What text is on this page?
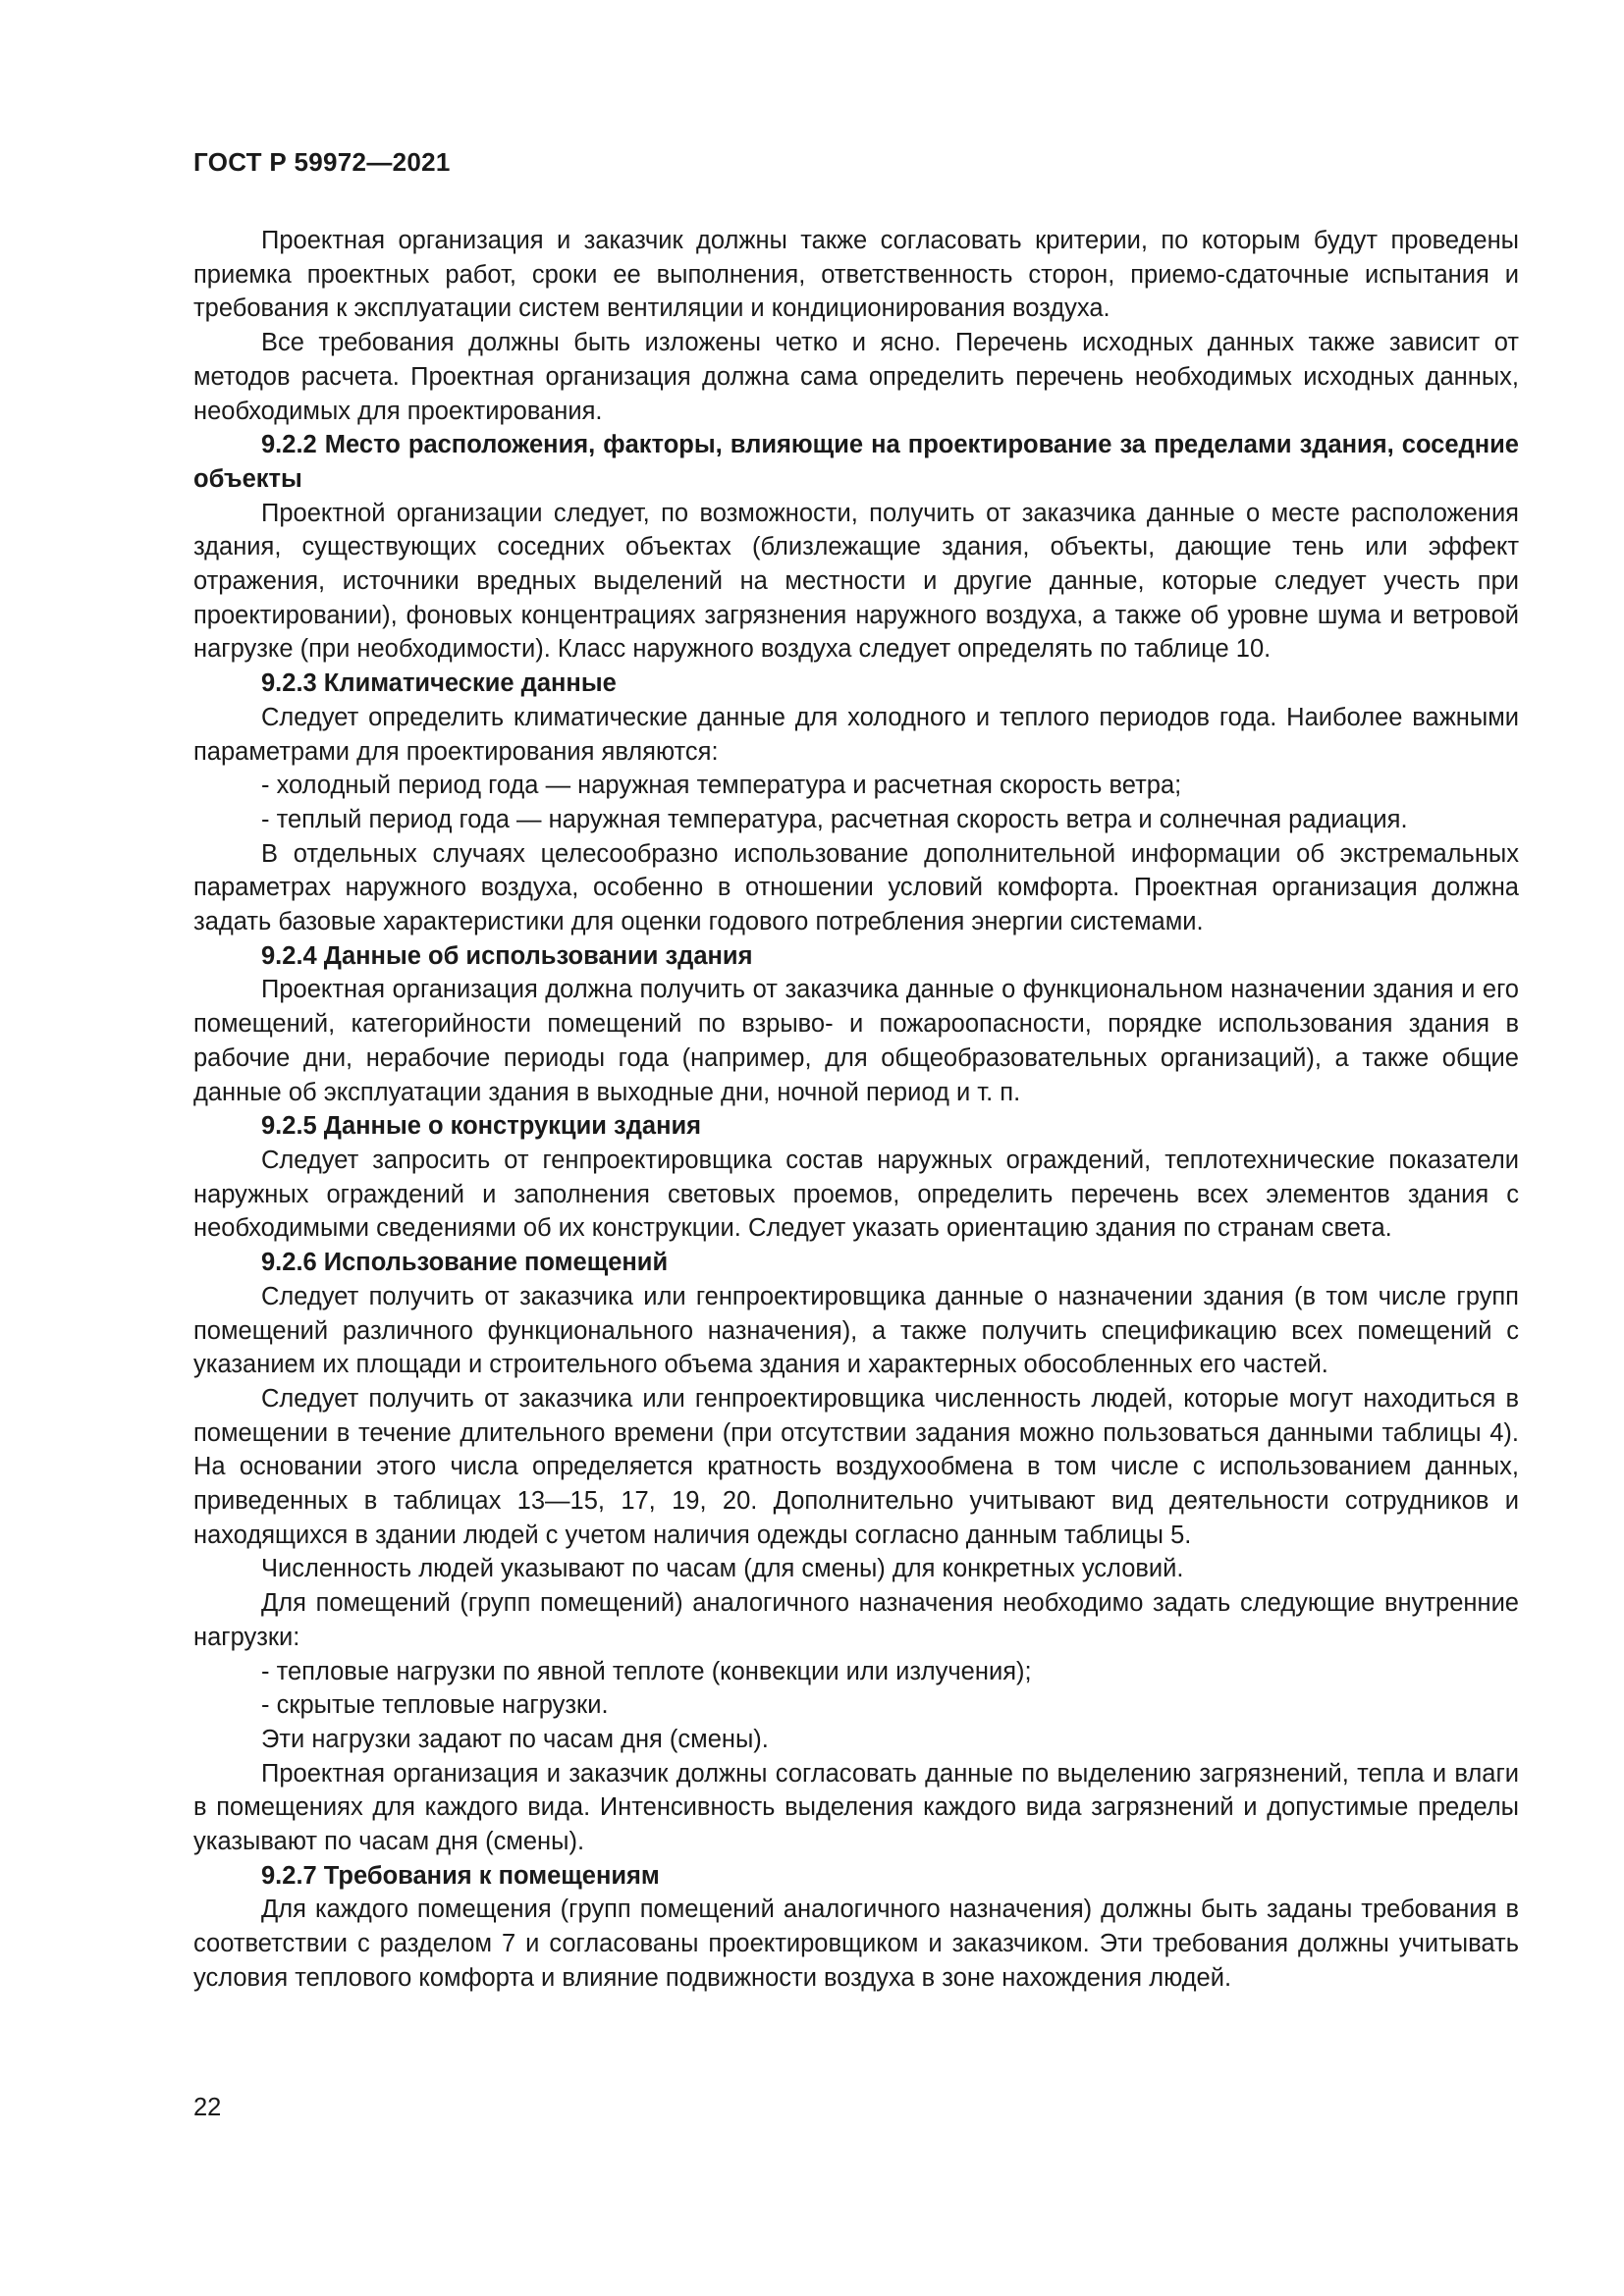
ГОСТ Р 59972—2021

Проектная организация и заказчик должны также согласовать критерии, по которым будут проведены приемка проектных работ, сроки ее выполнения, ответственность сторон, приемо-сдаточные испытания и требования к эксплуатации систем вентиляции и кондиционирования воздуха.

Все требования должны быть изложены четко и ясно. Перечень исходных данных также зависит от методов расчета. Проектная организация должна сама определить перечень необходимых исходных данных, необходимых для проектирования.

9.2.2 Место расположения, факторы, влияющие на проектирование за пределами здания, соседние объекты

Проектной организации следует, по возможности, получить от заказчика данные о месте расположения здания, существующих соседних объектах (близлежащие здания, объекты, дающие тень или эффект отражения, источники вредных выделений на местности и другие данные, которые следует учесть при проектировании), фоновых концентрациях загрязнения наружного воздуха, а также об уровне шума и ветровой нагрузке (при необходимости). Класс наружного воздуха следует определять по таблице 10.

9.2.3 Климатические данные

Следует определить климатические данные для холодного и теплого периодов года. Наиболее важными параметрами для проектирования являются:

- холодный период года — наружная температура и расчетная скорость ветра;

- теплый период года — наружная температура, расчетная скорость ветра и солнечная радиация.

В отдельных случаях целесообразно использование дополнительной информации об экстремальных параметрах наружного воздуха, особенно в отношении условий комфорта. Проектная организация должна задать базовые характеристики для оценки годового потребления энергии системами.

9.2.4 Данные об использовании здания

Проектная организация должна получить от заказчика данные о функциональном назначении здания и его помещений, категорийности помещений по взрыво- и пожароопасности, порядке использования здания в рабочие дни, нерабочие периоды года (например, для общеобразовательных организаций), а также общие данные об эксплуатации здания в выходные дни, ночной период и т. п.

9.2.5 Данные о конструкции здания

Следует запросить от генпроектировщика состав наружных ограждений, теплотехнические показатели наружных ограждений и заполнения световых проемов, определить перечень всех элементов здания с необходимыми сведениями об их конструкции. Следует указать ориентацию здания по странам света.

9.2.6 Использование помещений

Следует получить от заказчика или генпроектировщика данные о назначении здания (в том числе групп помещений различного функционального назначения), а также получить спецификацию всех помещений с указанием их площади и строительного объема здания и характерных обособленных его частей.

Следует получить от заказчика или генпроектировщика численность людей, которые могут находиться в помещении в течение длительного времени (при отсутствии задания можно пользоваться данными таблицы 4). На основании этого числа определяется кратность воздухообмена в том числе с использованием данных, приведенных в таблицах 13—15, 17, 19, 20. Дополнительно учитывают вид деятельности сотрудников и находящихся в здании людей с учетом наличия одежды согласно данным таблицы 5.

Численность людей указывают по часам (для смены) для конкретных условий.

Для помещений (групп помещений) аналогичного назначения необходимо задать следующие внутренние нагрузки:

- тепловые нагрузки по явной теплоте (конвекции или излучения);

- скрытые тепловые нагрузки.

Эти нагрузки задают по часам дня (смены).

Проектная организация и заказчик должны согласовать данные по выделению загрязнений, тепла и влаги в помещениях для каждого вида. Интенсивность выделения каждого вида загрязнений и допустимые пределы указывают по часам дня (смены).

9.2.7 Требования к помещениям

Для каждого помещения (групп помещений аналогичного назначения) должны быть заданы требования в соответствии с разделом 7 и согласованы проектировщиком и заказчиком. Эти требования должны учитывать условия теплового комфорта и влияние подвижности воздуха в зоне нахождения людей.

22
